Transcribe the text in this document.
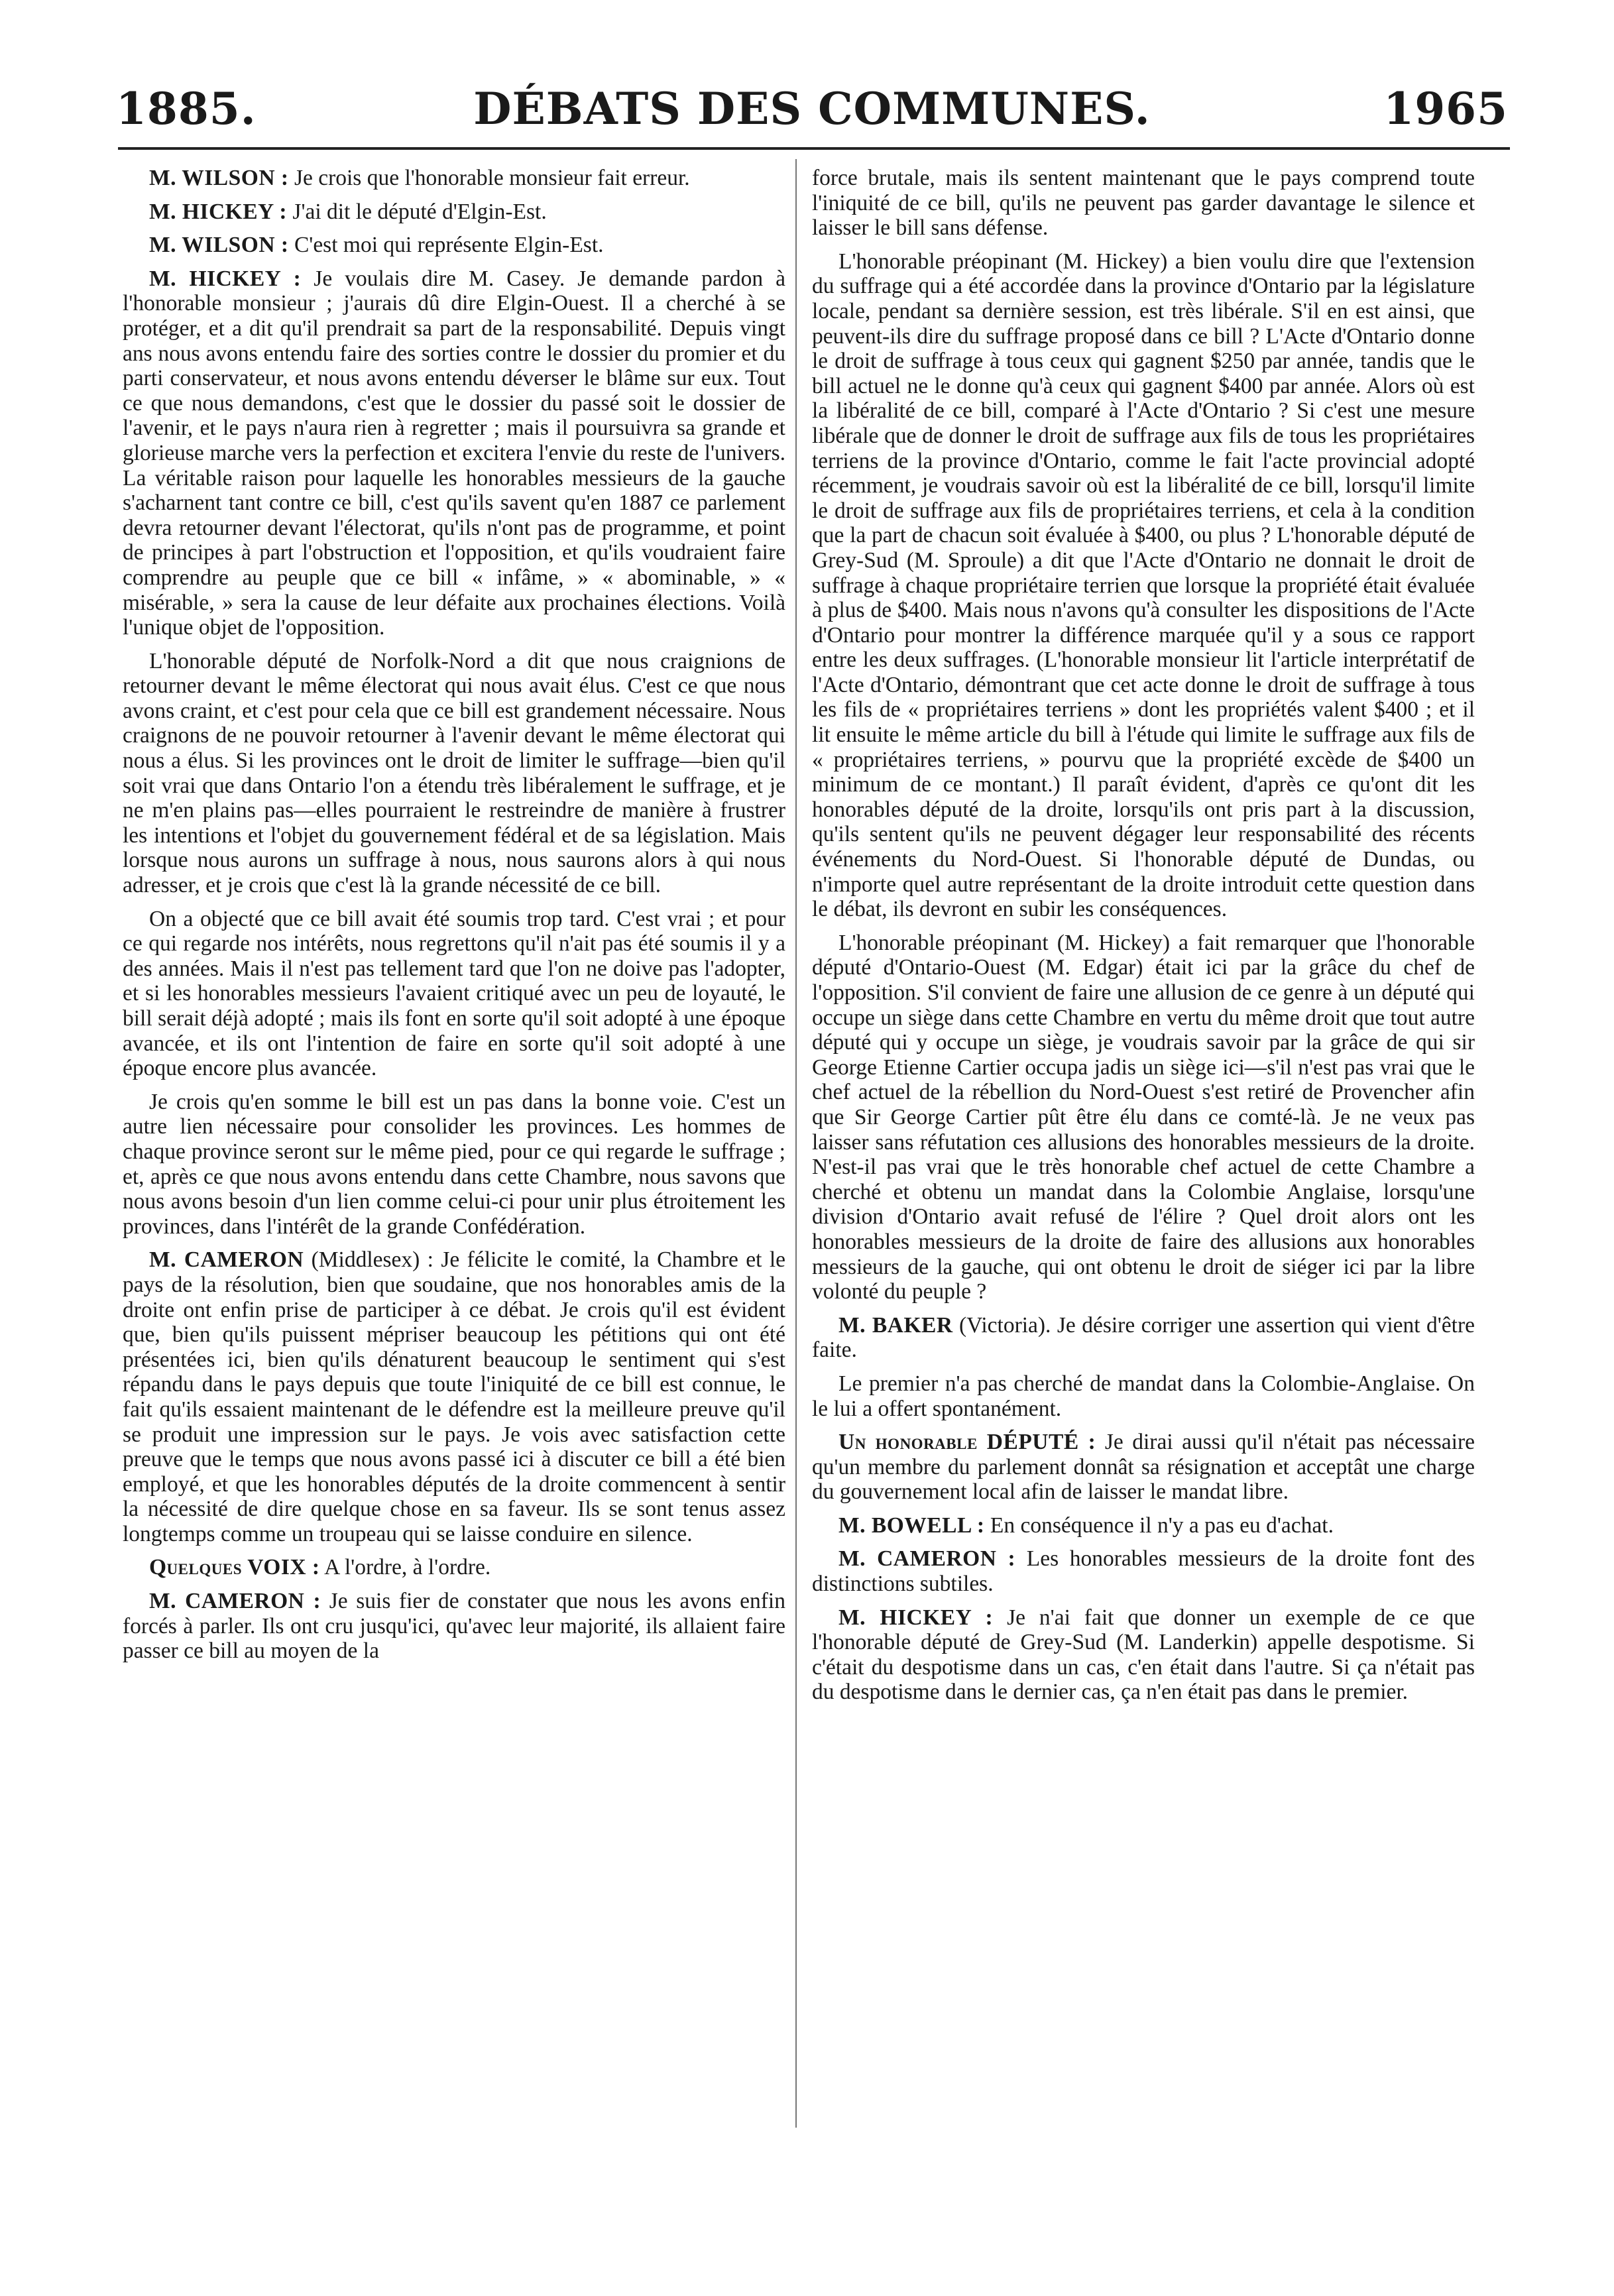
1885.	DÉBATS DES COMMUNES.	1965

M. WILSON : Je crois que l'honorable monsieur fait erreur.

M. HICKEY : J'ai dit le député d'Elgin-Est.

M. WILSON : C'est moi qui représente Elgin-Est.

M. HICKEY : Je voulais dire M. Casey. Je demande pardon à l'honorable monsieur ; j'aurais dû dire Elgin-Ouest. Il a cherché à se protéger, et a dit qu'il prendrait sa part de la responsabilité. Depuis vingt ans nous avons entendu faire des sorties contre le dossier du promier et du parti conservateur, et nous avons entendu déverser le blâme sur eux. Tout ce que nous demandons, c'est que le dossier du passé soit le dossier de l'avenir, et le pays n'aura rien à regretter ; mais il poursuivra sa grande et glorieuse marche vers la perfection et excitera l'envie du reste de l'univers. La véritable raison pour laquelle les honorables messieurs de la gauche s'acharnent tant contre ce bill, c'est qu'ils savent qu'en 1887 ce parlement devra retourner devant l'électorat, qu'ils n'ont pas de programme, et point de principes à part l'obstruction et l'opposition, et qu'ils voudraient faire comprendre au peuple que ce bill « infâme, » « abominable, » « misérable, » sera la cause de leur défaite aux prochaines élections. Voilà l'unique objet de l'opposition.

L'honorable député de Norfolk-Nord a dit que nous craignions de retourner devant le même électorat qui nous avait élus. C'est ce que nous avons craint, et c'est pour cela que ce bill est grandement nécessaire. Nous craignons de ne pouvoir retourner à l'avenir devant le même électorat qui nous a élus. Si les provinces ont le droit de limiter le suffrage—bien qu'il soit vrai que dans Ontario l'on a étendu très libéralement le suffrage, et je ne m'en plains pas—elles pourraient le restreindre de manière à frustrer les intentions et l'objet du gouvernement fédéral et de sa législation. Mais lorsque nous aurons un suffrage à nous, nous saurons alors à qui nous adresser, et je crois que c'est là la grande nécessité de ce bill.

On a objecté que ce bill avait été soumis trop tard. C'est vrai ; et pour ce qui regarde nos intérêts, nous regrettons qu'il n'ait pas été soumis il y a des années. Mais il n'est pas tellement tard que l'on ne doive pas l'adopter, et si les honorables messieurs l'avaient critiqué avec un peu de loyauté, le bill serait déjà adopté ; mais ils font en sorte qu'il soit adopté à une époque avancée, et ils ont l'intention de faire en sorte qu'il soit adopté à une époque encore plus avancée.

Je crois qu'en somme le bill est un pas dans la bonne voie. C'est un autre lien nécessaire pour consolider les provinces. Les hommes de chaque province seront sur le même pied, pour ce qui regarde le suffrage ; et, après ce que nous avons entendu dans cette Chambre, nous savons que nous avons besoin d'un lien comme celui-ci pour unir plus étroitement les provinces, dans l'intérêt de la grande Confédération.

M. CAMERON (Middlesex) : Je félicite le comité, la Chambre et le pays de la résolution, bien que soudaine, que nos honorables amis de la droite ont enfin prise de participer à ce débat. Je crois qu'il est évident que, bien qu'ils puissent mépriser beaucoup les pétitions qui ont été présentées ici, bien qu'ils dénaturent beaucoup le sentiment qui s'est répandu dans le pays depuis que toute l'iniquité de ce bill est connue, le fait qu'ils essaient maintenant de le défendre est la meilleure preuve qu'il se produit une impression sur le pays. Je vois avec satisfaction cette preuve que le temps que nous avons passé ici à discuter ce bill a été bien employé, et que les honorables députés de la droite commencent à sentir la nécessité de dire quelque chose en sa faveur. Ils se sont tenus assez longtemps comme un troupeau qui se laisse conduire en silence.

Quelques VOIX : A l'ordre, à l'ordre.

M. CAMERON : Je suis fier de constater que nous les avons enfin forcés à parler. Ils ont cru jusqu'ici, qu'avec leur majorité, ils allaient faire passer ce bill au moyen de la

force brutale, mais ils sentent maintenant que le pays comprend toute l'iniquité de ce bill, qu'ils ne peuvent pas garder davantage le silence et laisser le bill sans défense.

L'honorable préopinant (M. Hickey) a bien voulu dire que l'extension du suffrage qui a été accordée dans la province d'Ontario par la législature locale, pendant sa dernière session, est très libérale. S'il en est ainsi, que peuvent-ils dire du suffrage proposé dans ce bill ? L'Acte d'Ontario donne le droit de suffrage à tous ceux qui gagnent $250 par année, tandis que le bill actuel ne le donne qu'à ceux qui gagnent $400 par année. Alors où est la libéralité de ce bill, comparé à l'Acte d'Ontario ? Si c'est une mesure libérale que de donner le droit de suffrage aux fils de tous les propriétaires terriens de la province d'Ontario, comme le fait l'acte provincial adopté récemment, je voudrais savoir où est la libéralité de ce bill, lorsqu'il limite le droit de suffrage aux fils de propriétaires terriens, et cela à la condition que la part de chacun soit évaluée à $400, ou plus ? L'honorable député de Grey-Sud (M. Sproule) a dit que l'Acte d'Ontario ne donnait le droit de suffrage à chaque propriétaire terrien que lorsque la propriété était évaluée à plus de $400. Mais nous n'avons qu'à consulter les dispositions de l'Acte d'Ontario pour montrer la différence marquée qu'il y a sous ce rapport entre les deux suffrages. (L'honorable monsieur lit l'article interprétatif de l'Acte d'Ontario, démontrant que cet acte donne le droit de suffrage à tous les fils de « propriétaires terriens » dont les propriétés valent $400 ; et il lit ensuite le même article du bill à l'étude qui limite le suffrage aux fils de « propriétaires terriens, » pourvu que la propriété excède de $400 un minimum de ce montant.) Il paraît évident, d'après ce qu'ont dit les honorables député de la droite, lorsqu'ils ont pris part à la discussion, qu'ils sentent qu'ils ne peuvent dégager leur responsabilité des récents événements du Nord-Ouest. Si l'honorable député de Dundas, ou n'importe quel autre représentant de la droite introduit cette question dans le débat, ils devront en subir les conséquences.

L'honorable préopinant (M. Hickey) a fait remarquer que l'honorable député d'Ontario-Ouest (M. Edgar) était ici par la grâce du chef de l'opposition. S'il convient de faire une allusion de ce genre à un député qui occupe un siège dans cette Chambre en vertu du même droit que tout autre député qui y occupe un siège, je voudrais savoir par la grâce de qui sir George Etienne Cartier occupa jadis un siège ici—s'il n'est pas vrai que le chef actuel de la rébellion du Nord-Ouest s'est retiré de Provencher afin que Sir George Cartier pût être élu dans ce comté-là. Je ne veux pas laisser sans réfutation ces allusions des honorables messieurs de la droite. N'est-il pas vrai que le très honorable chef actuel de cette Chambre a cherché et obtenu un mandat dans la Colombie Anglaise, lorsqu'une division d'Ontario avait refusé de l'élire ? Quel droit alors ont les honorables messieurs de la droite de faire des allusions aux honorables messieurs de la gauche, qui ont obtenu le droit de siéger ici par la libre volonté du peuple ?

M. BAKER (Victoria). Je désire corriger une assertion qui vient d'être faite.

Le premier n'a pas cherché de mandat dans la Colombie-Anglaise. On le lui a offert spontanément.

Un honorable DÉPUTÉ : Je dirai aussi qu'il n'était pas nécessaire qu'un membre du parlement donnât sa résignation et acceptât une charge du gouvernement local afin de laisser le mandat libre.

M. BOWELL : En conséquence il n'y a pas eu d'achat.

M. CAMERON : Les honorables messieurs de la droite font des distinctions subtiles.

M. HICKEY : Je n'ai fait que donner un exemple de ce que l'honorable député de Grey-Sud (M. Landerkin) appelle despotisme. Si c'était du despotisme dans un cas, c'en était dans l'autre. Si ça n'était pas du despotisme dans le dernier cas, ça n'en était pas dans le premier.
